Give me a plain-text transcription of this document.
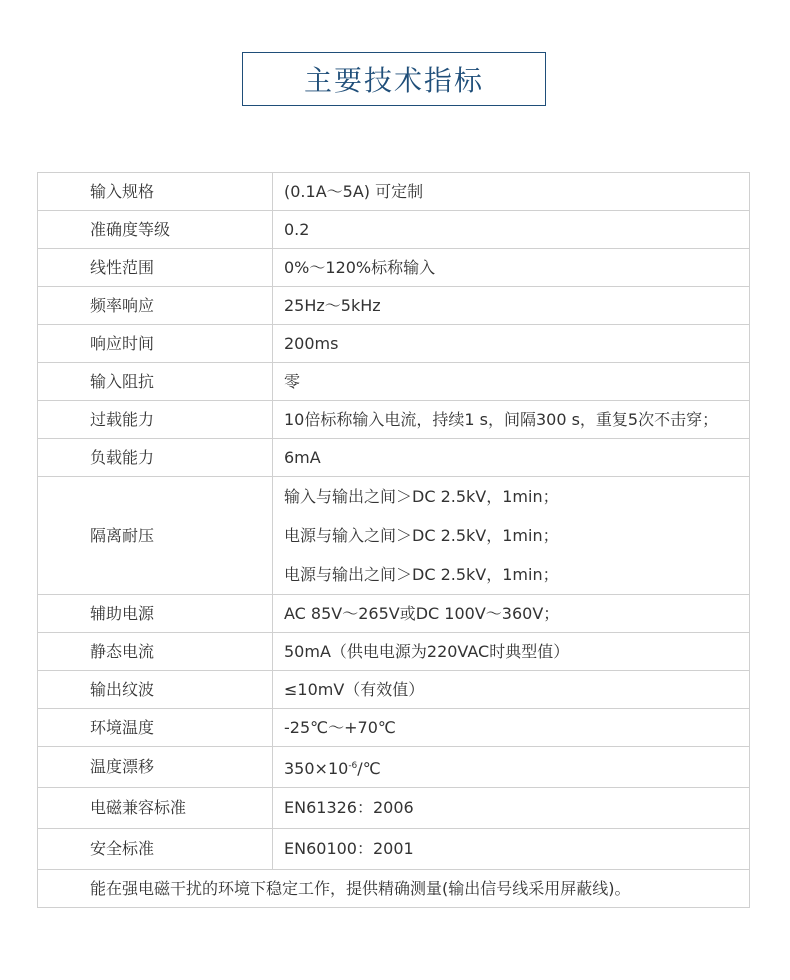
主要技术指标
输入规格	(0.1A～5A) 可定制
准确度等级	0.2
线性范围	0%～120%标称输入
频率响应	25Hz～5kHz
响应时间	200ms
输入阻抗	零
过载能力	10倍标称输入电流，持续1 s，间隔300 s，重复5次不击穿；
负载能力	6mA
隔离耐压	输入与输出之间＞DC 2.5kV，1min；
电源与输入之间＞DC 2.5kV，1min；
电源与输出之间＞DC 2.5kV，1min；

辅助电源	AC 85V～265V或DC 100V～360V；
静态电流	50mA（供电电源为220VAC时典型值）
输出纹波	≤10mV（有效值）
环境温度	-25℃～+70℃
温度漂移	$350\times 10^{-6}/℃$
电磁兼容标准	EN61326：2006
安全标准	EN60100：2001
能在强电磁干扰的环境下稳定工作，提供精确测量(输出信号线采用屏蔽线)。	
